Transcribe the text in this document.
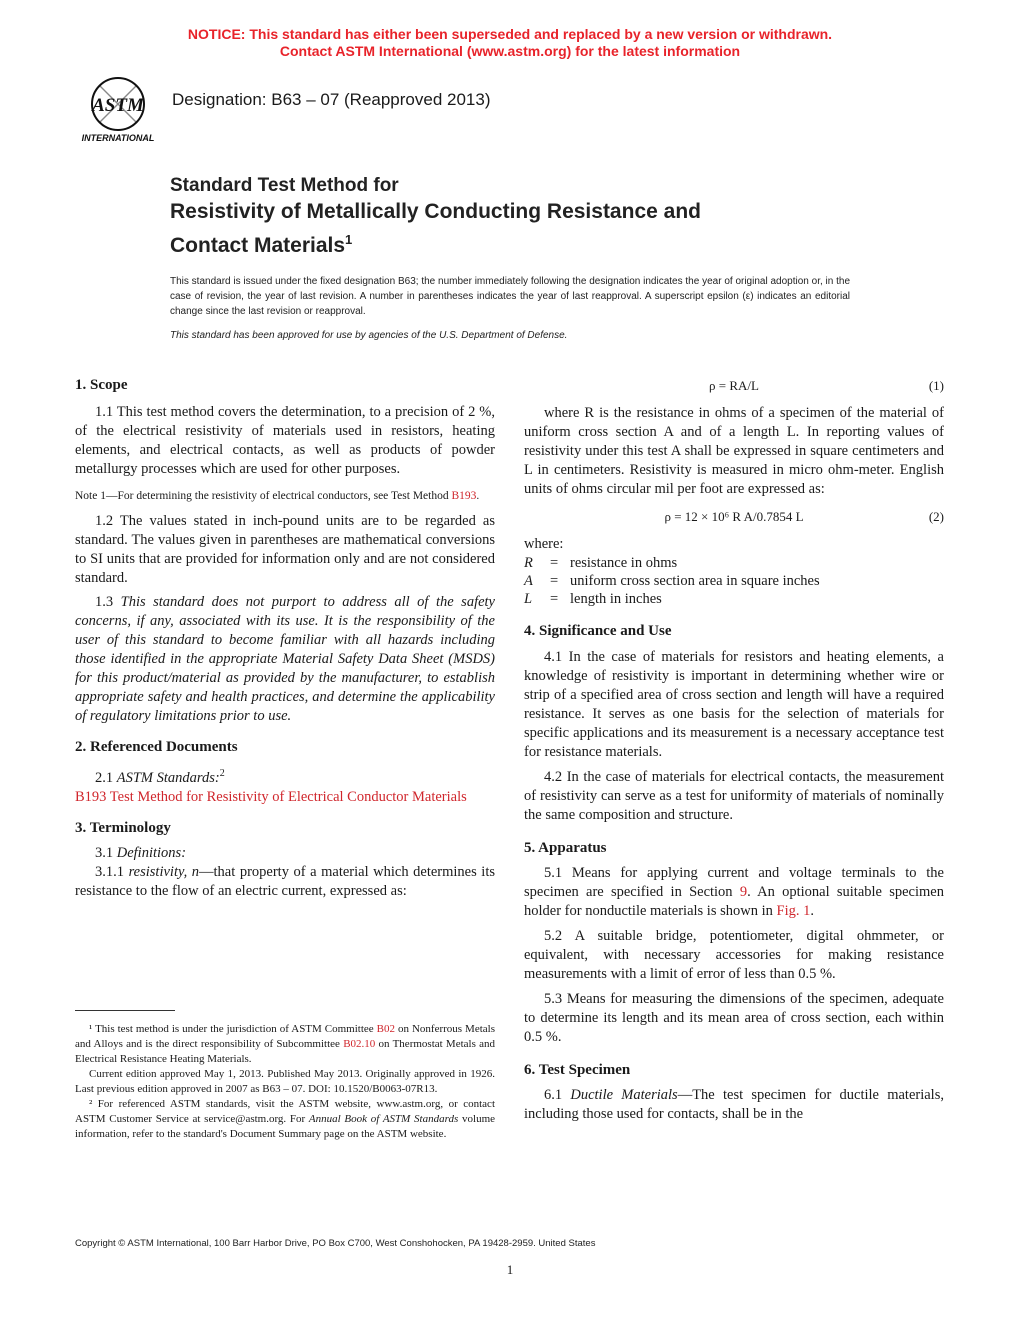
NOTICE: This standard has either been superseded and replaced by a new version or withdrawn.
Contact ASTM International (www.astm.org) for the latest information
ASTM
INTERNATIONAL
Designation: B63 – 07 (Reapproved 2013)
Standard Test Method for
Resistivity of Metallically Conducting Resistance and
Contact Materials$^1$
This standard is issued under the fixed designation B63; the number immediately following the designation indicates the year of original adoption or, in the case of revision, the year of last revision. A number in parentheses indicates the year of last reapproval. A superscript epsilon (ε) indicates an editorial change since the last revision or reapproval.
This standard has been approved for use by agencies of the U.S. Department of Defense.

1. Scope

1.1 This test method covers the determination, to a precision of 2 %, of the electrical resistivity of materials used in resistors, heating elements, and electrical contacts, as well as products of powder metallurgy processes which are used for other purposes.

Note 1—For determining the resistivity of electrical conductors, see Test Method B193.

1.2 The values stated in inch-pound units are to be regarded as standard. The values given in parentheses are mathematical conversions to SI units that are provided for information only and are not considered standard.

1.3 This standard does not purport to address all of the safety concerns, if any, associated with its use. It is the responsibility of the user of this standard to become familiar with all hazards including those identified in the appropriate Material Safety Data Sheet (MSDS) for this product/material as provided by the manufacturer, to establish appropriate safety and health practices, and determine the applicability of regulatory limitations prior to use.

2. Referenced Documents

2.1 ASTM Standards:$^2$

B193 Test Method for Resistivity of Electrical Conductor Materials

3. Terminology

3.1 Definitions:

3.1.1 resistivity, n—that property of a material which determines its resistance to the flow of an electric current, expressed as:

¹ This test method is under the jurisdiction of ASTM Committee B02 on Nonferrous Metals and Alloys and is the direct responsibility of Subcommittee B02.10 on Thermostat Metals and Electrical Resistance Heating Materials.

Current edition approved May 1, 2013. Published May 2013. Originally approved in 1926. Last previous edition approved in 2007 as B63 – 07. DOI: 10.1520/B0063-07R13.

² For referenced ASTM standards, visit the ASTM website, www.astm.org, or contact ASTM Customer Service at service@astm.org. For Annual Book of ASTM Standards volume information, refer to the standard's Document Summary page on the ASTM website.

ρ = RA/L	(1)

where R is the resistance in ohms of a specimen of the material of uniform cross section A and of a length L. In reporting values of resistivity under this test A shall be expressed in square centimeters and L in centimeters. Resistivity is measured in micro ohm-meter. English units of ohms circular mil per foot are expressed as:

ρ = 12 × 10⁶ R A/0.7854 L	(2)

where:

R	= resistance in ohms
A	= uniform cross section area in square inches
L	= length in inches

4. Significance and Use

4.1 In the case of materials for resistors and heating elements, a knowledge of resistivity is important in determining whether wire or strip of a specified area of cross section and length will have a required resistance. It serves as one basis for the selection of materials for specific applications and its measurement is a necessary acceptance test for resistance materials.

4.2 In the case of materials for electrical contacts, the measurement of resistivity can serve as a test for uniformity of materials of nominally the same composition and structure.

5. Apparatus

5.1 Means for applying current and voltage terminals to the specimen are specified in Section 9. An optional suitable specimen holder for nonductile materials is shown in Fig. 1.

5.2 A suitable bridge, potentiometer, digital ohmmeter, or equivalent, with necessary accessories for making resistance measurements with a limit of error of less than 0.5 %.

5.3 Means for measuring the dimensions of the specimen, adequate to determine its length and its mean area of cross section, each within 0.5 %.

6. Test Specimen

6.1 Ductile Materials—The test specimen for ductile materials, including those used for contacts, shall be in the

Copyright © ASTM International, 100 Barr Harbor Drive, PO Box C700, West Conshohocken, PA 19428-2959. United States
1
